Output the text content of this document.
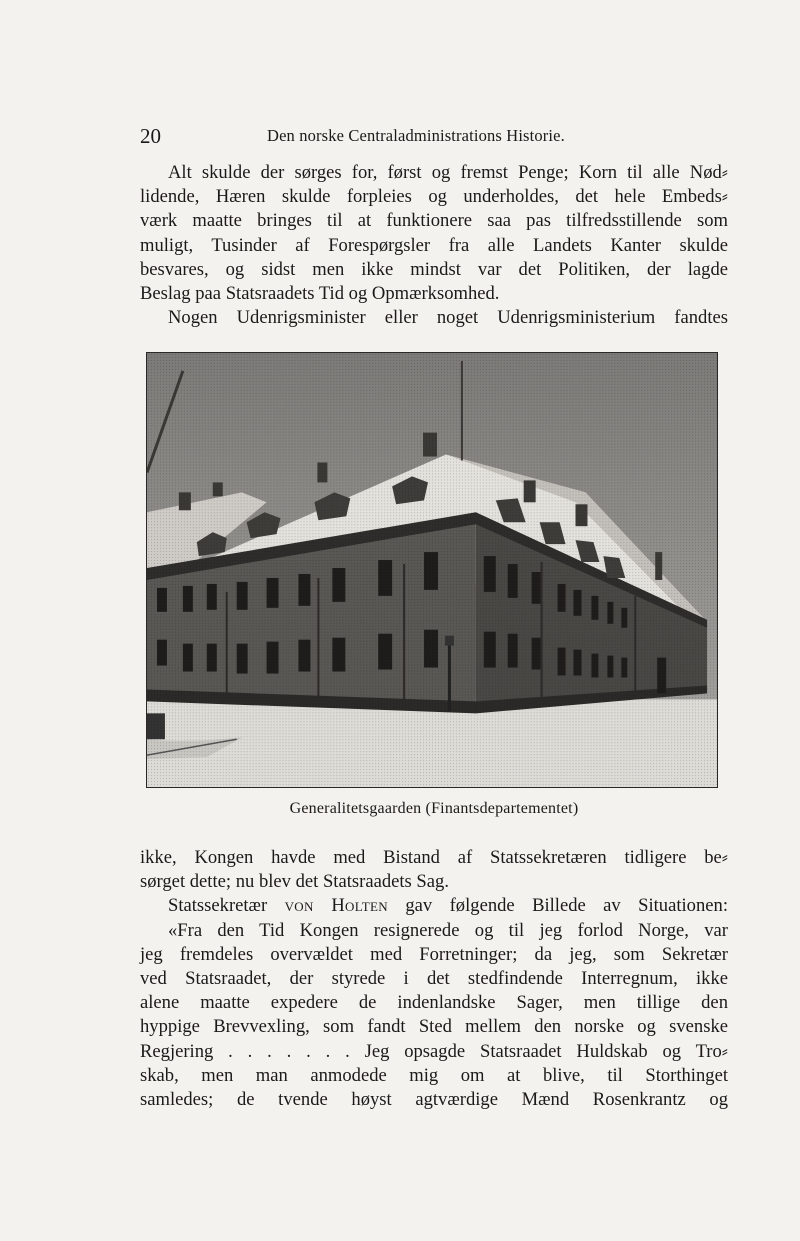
20	Den norske Centraladministrations Historie.
Alt skulde der sørges for, først og fremst Penge; Korn til alle Nød⸗
lidende, Hæren skulde forpleies og underholdes, det hele Embeds⸗
værk maatte bringes til at funktionere saa pas tilfredsstillende som
muligt, Tusinder af Forespørgsler fra alle Landets Kanter skulde
besvares, og sidst men ikke mindst var det Politiken, der lagde
Beslag paa Statsraadets Tid og Opmærksomhed.
Nogen Udenrigsminister eller noget Udenrigsministerium fandtes
Generalitetsgaarden (Finantsdepartementet)
ikke, Kongen havde med Bistand af Statssekretæren tidligere be⸗
sørget dette; nu blev det Statsraadets Sag.
Statssekretær von Holten gav følgende Billede av Situationen:
«Fra den Tid Kongen resignerede og til jeg forlod Norge, var
jeg fremdeles overvældet med Forretninger; da jeg, som Sekretær
ved Statsraadet, der styrede i det stedfindende Interregnum, ikke
alene maatte expedere de indenlandske Sager, men tillige den
hyppige Brevvexling, som fandt Sted mellem den norske og svenske
Regjering . . . . . . . Jeg opsagde Statsraadet Huldskab og Tro⸗
skab, men man anmodede mig om at blive, til Storthinget
samledes; de tvende høyst agtværdige Mænd Rosenkrantz og
